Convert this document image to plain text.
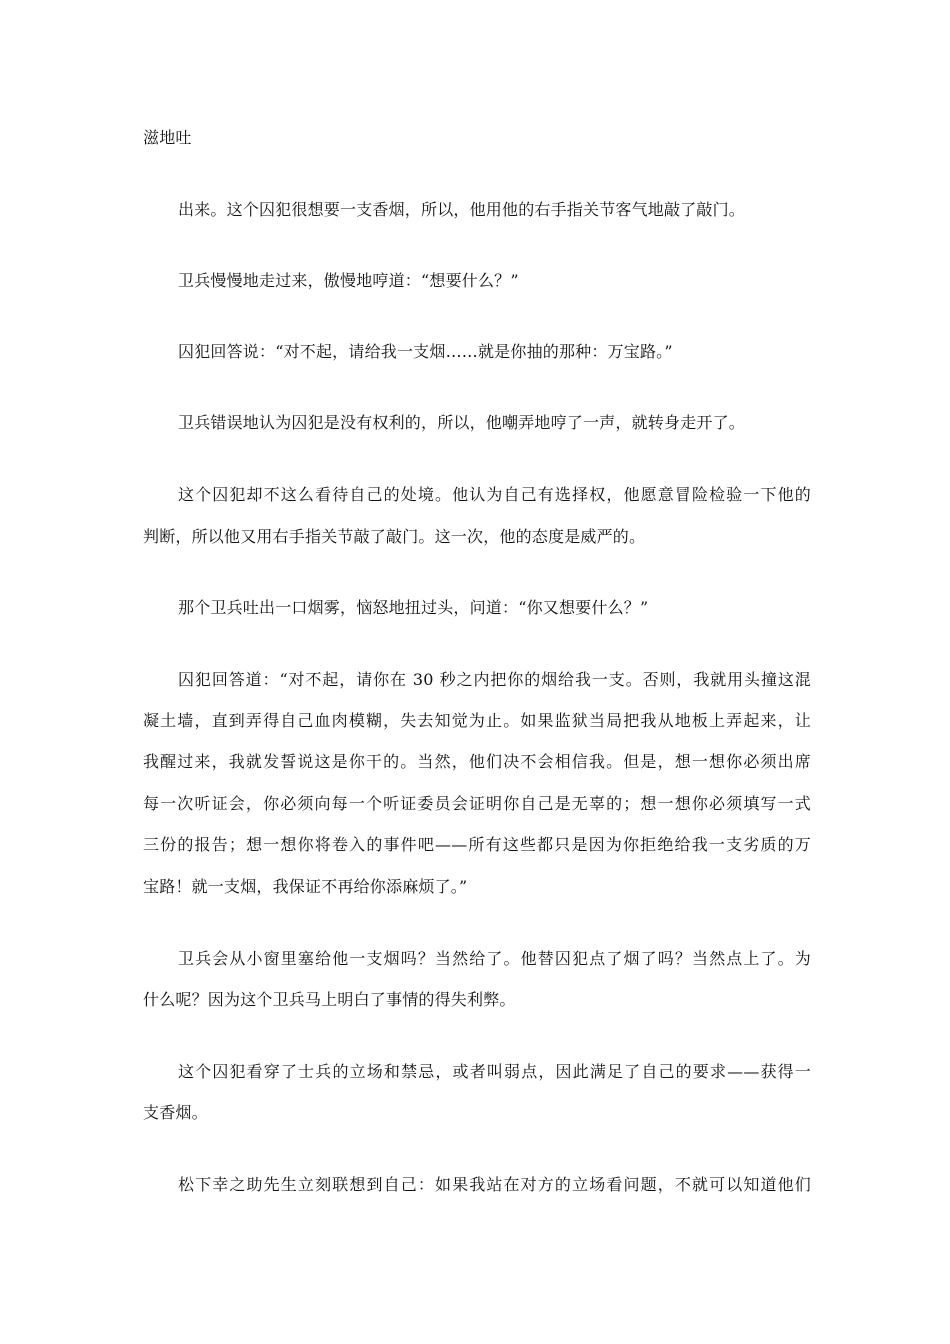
滋地吐
出来。这个囚犯很想要一支香烟，所以，他用他的右手指关节客气地敲了敲门。
卫兵慢慢地走过来，傲慢地哼道：“想要什么？”
囚犯回答说：“对不起，请给我一支烟……就是你抽的那种：万宝路。”
卫兵错误地认为囚犯是没有权利的，所以，他嘲弄地哼了一声，就转身走开了。
这个囚犯却不这么看待自己的处境。他认为自己有选择权，他愿意冒险检验一下他的
判断，所以他又用右手指关节敲了敲门。这一次，他的态度是威严的。
那个卫兵吐出一口烟雾，恼怒地扭过头，问道：“你又想要什么？”
囚犯回答道：“对不起，请你在 30 秒之内把你的烟给我一支。否则，我就用头撞这混
凝土墙，直到弄得自己血肉模糊，失去知觉为止。如果监狱当局把我从地板上弄起来，让
我醒过来，我就发誓说这是你干的。当然，他们决不会相信我。但是，想一想你必须出席
每一次听证会，你必须向每一个听证委员会证明你自己是无辜的；想一想你必须填写一式
三份的报告；想一想你将卷入的事件吧——所有这些都只是因为你拒绝给我一支劣质的万
宝路！就一支烟，我保证不再给你添麻烦了。”
卫兵会从小窗里塞给他一支烟吗？当然给了。他替囚犯点了烟了吗？当然点上了。为
什么呢？因为这个卫兵马上明白了事情的得失利弊。
这个囚犯看穿了士兵的立场和禁忌，或者叫弱点，因此满足了自己的要求——获得一
支香烟。
松下幸之助先生立刻联想到自己：如果我站在对方的立场看问题，不就可以知道他们
